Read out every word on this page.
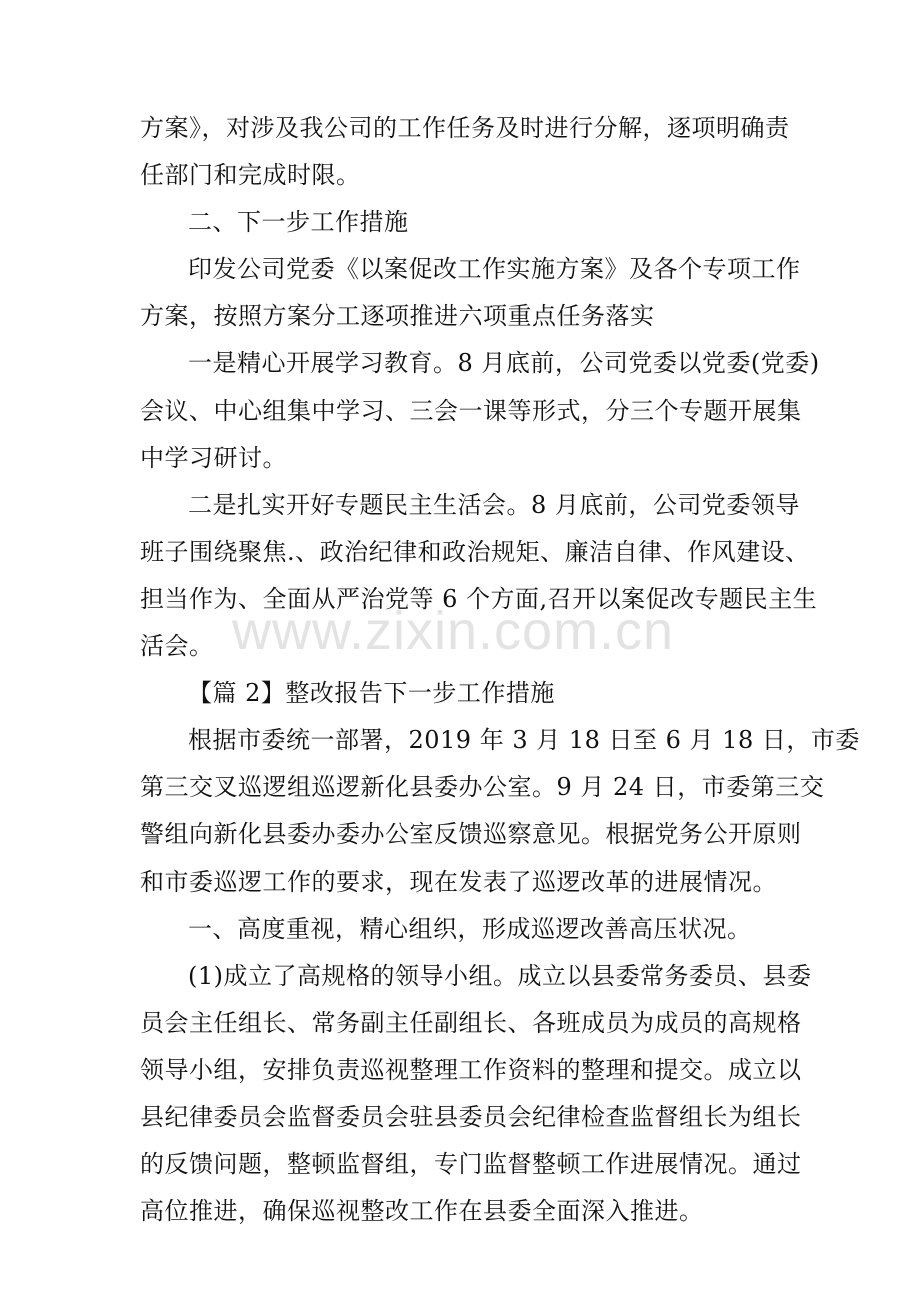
方案》，对涉及我公司的工作任务及时进行分解，逐项明确责
任部门和完成时限。
二、下一步工作措施
印发公司党委《以案促改工作实施方案》及各个专项工作
方案，按照方案分工逐项推进六项重点任务落实
一是精心开展学习教育。8 月底前，公司党委以党委(党委)
会议、中心组集中学习、三会一课等形式，分三个专题开展集
中学习研讨。
二是扎实开好专题民主生活会。8 月底前，公司党委领导
班子围绕聚焦.、政治纪律和政治规矩、廉洁自律、作风建设、
担当作为、全面从严治党等 6 个方面,召开以案促改专题民主生
活会。
【篇 2】整改报告下一步工作措施
根据市委统一部署，2019 年 3 月 18 日至 6 月 18 日，市委
第三交叉巡逻组巡逻新化县委办公室。9 月 24 日，市委第三交
警组向新化县委办委办公室反馈巡察意见。根据党务公开原则
和市委巡逻工作的要求，现在发表了巡逻改革的进展情况。
一、高度重视，精心组织，形成巡逻改善高压状况。
(1)成立了高规格的领导小组。成立以县委常务委员、县委
员会主任组长、常务副主任副组长、各班成员为成员的高规格
领导小组，安排负责巡视整理工作资料的整理和提交。成立以
县纪律委员会监督委员会驻县委员会纪律检查监督组长为组长
的反馈问题，整顿监督组，专门监督整顿工作进展情况。通过
高位推进，确保巡视整改工作在县委全面深入推进。
www.zixin.com.cn
